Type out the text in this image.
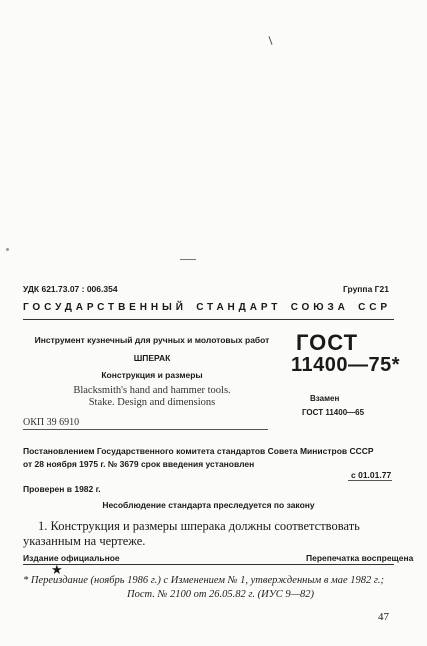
УДК 621.73.07 : 006.354	Группа Г21
ГОСУДАРСТВЕННЫЙ СТАНДАРТ СОЮЗА ССР
Инструмент кузнечный для ручных и молотовых работ
ШПЕРАК
Конструкция и размеры
Blacksmith's hand and hammer tools.
Stake. Design and dimensions
ГОСТ
11400—75*
Взамен
ГОСТ 11400—65
ОКП 39 6910
Постановлением Государственного комитета стандартов Совета Министров СССР
от 28 ноября 1975 г. № 3679 срок введения установлен
с 01.01.77
Проверен в 1982 г.
Несоблюдение стандарта преследуется по закону
1. Конструкция и размеры шперака должны соответствовать
указанным на чертеже.
Издание официальное	Перепечатка воспрещена
★
* Переиздание (ноябрь 1986 г.) с Изменением № 1, утвержденным в мае 1982 г.;
Пост. № 2100 от 26.05.82 г. (ИУС 9—82)
47
